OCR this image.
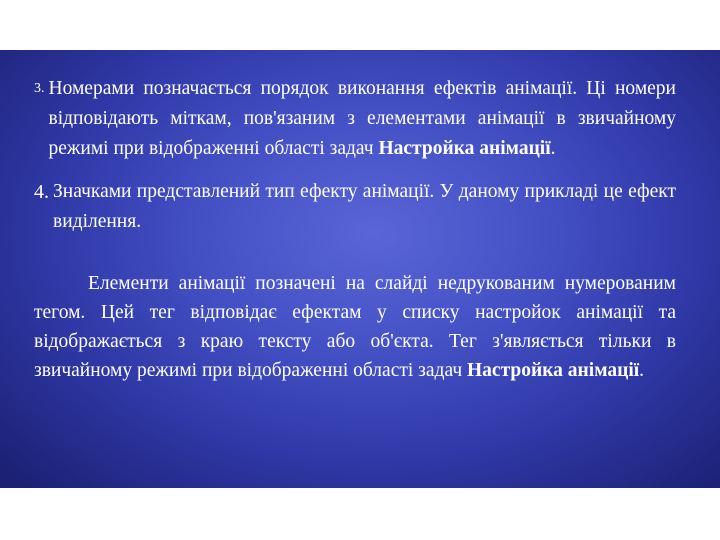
3. Номерами позначається порядок виконання ефектів анімації. Ці номери відповідають міткам, пов'язаним з елементами анімації в звичайному режимі при відображенні області задач Настройка анімації.
4. Значками представлений тип ефекту анімації. У даному прикладі це ефект виділення.
Елементи анімації позначені на слайді недрукованим нумерованим тегом. Цей тег відповідає ефектам у списку настройок анімації та відображається з краю тексту або об'єкта. Тег з'являється тільки в звичайному режимі при відображенні області задач Настройка анімації.
